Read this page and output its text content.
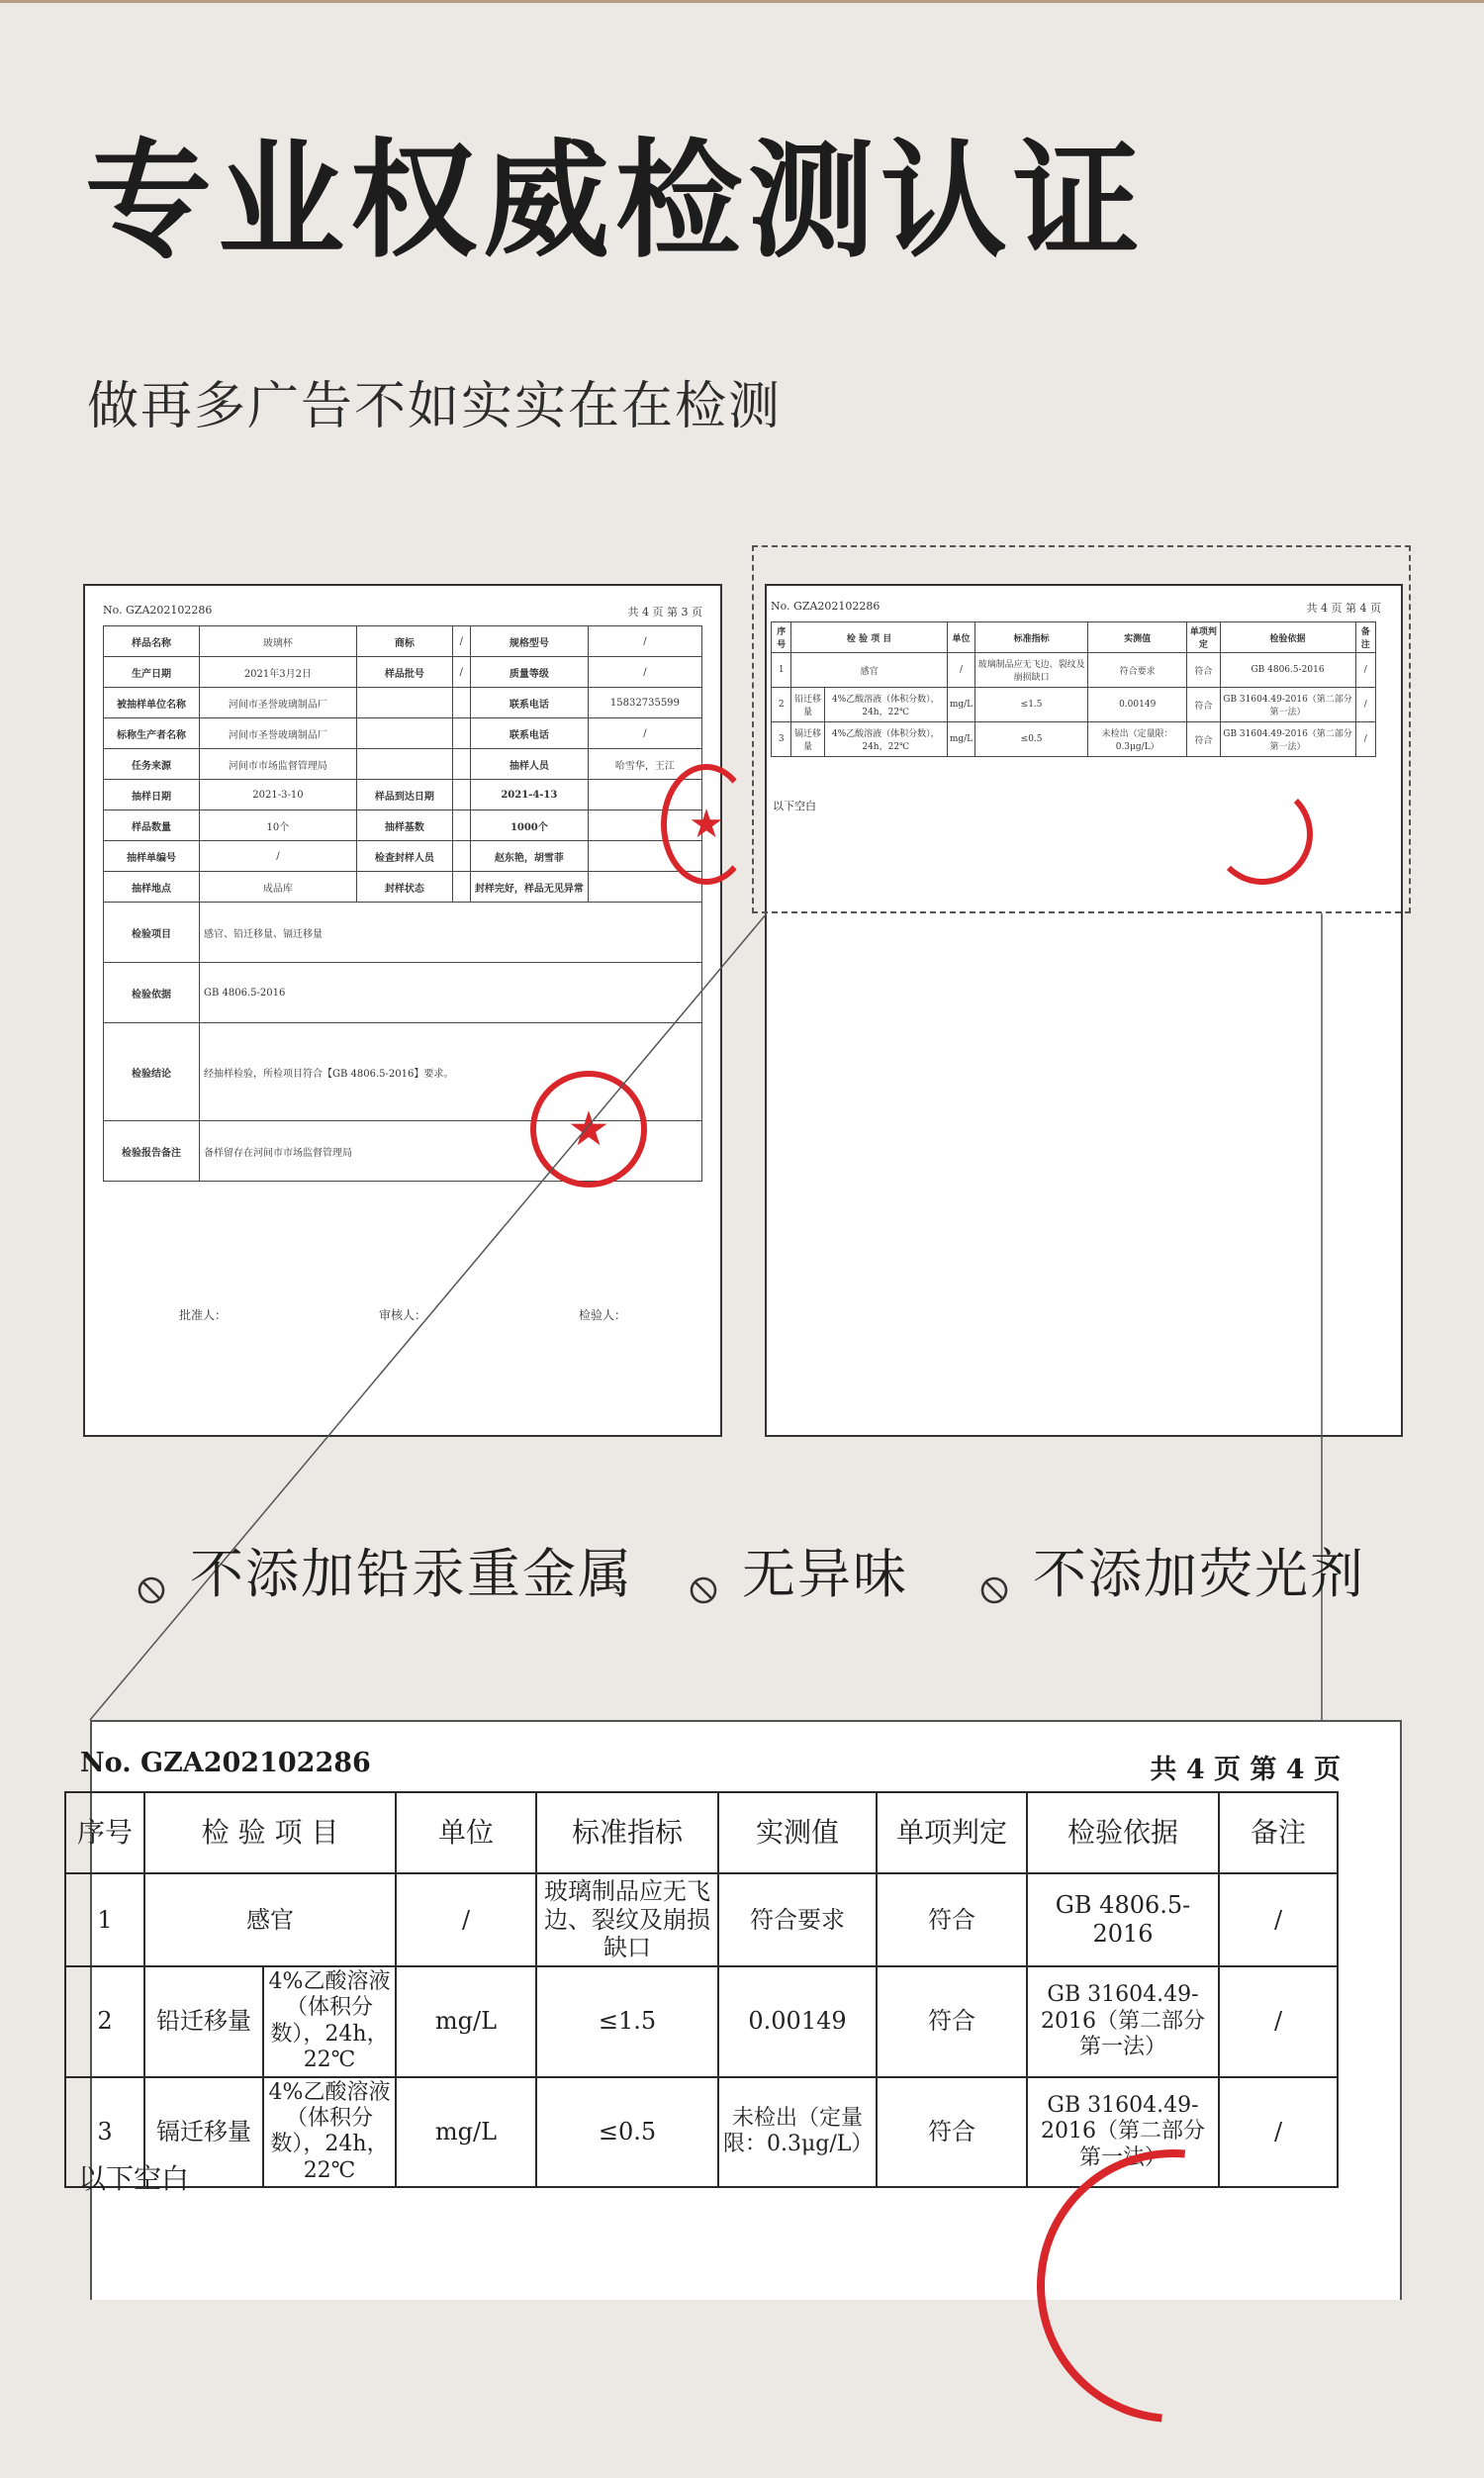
专业权威检测认证
做再多广告不如实实在在检测
No. GZA202102286	共 4 页 第 3 页
样品名称	玻璃杯	商标	/	规格型号	/
生产日期	2021年3月2日	样品批号	/	质量等级	/
被抽样单位名称	河间市圣誉玻璃制品厂			联系电话	15832735599
标称生产者名称	河间市圣誉玻璃制品厂			联系电话	/
任务来源	河间市市场监督管理局			抽样人员	哈雪华，王江
抽样日期	2021-3-10	样品到达日期		2021-4-13	
样品数量	10个	抽样基数		1000个	
抽样单编号	/	检查封样人员		赵东艳，胡雪菲	
抽样地点	成品库	封样状态		封样完好，样品无见异常	
检验项目	感官、铅迁移量、镉迁移量				
检验依据	GB 4806.5-2016				
检验结论	经抽样检验，所检项目符合【GB 4806.5-2016】要求。				
检验报告备注	备样留存在河间市市场监督管理局				
批准人：	审核人：	检验人：
★
★
No. GZA202102286	共 4 页 第 4 页
序号	检 验 项 目		单位	标准指标	实测值	单项判定	检验依据	备注
1	感官		/	玻璃制品应无飞边、裂纹及崩损缺口	符合要求	符合	GB 4806.5-2016	/
2	铅迁移量	4%乙酸溶液（体积分数），24h，22℃	mg/L	≤1.5	0.00149	符合	GB 31604.49-2016（第二部分第一法）	/
3	镉迁移量	4%乙酸溶液（体积分数），24h，22℃	mg/L	≤0.5	未检出（定量限：0.3μg/L）	符合	GB 31604.49-2016（第二部分第一法）	/
以下空白
不添加铅汞重金属 无异味 不添加荧光剂
No. GZA202102286	共 4 页 第 4 页
序号	检 验 项 目		单位	标准指标	实测值	单项判定	检验依据	备注
1	感官		/	玻璃制品应无飞边、裂纹及崩损缺口	符合要求	符合	GB 4806.5-2016	/
2	铅迁移量	4%乙酸溶液（体积分数），24h，22℃	mg/L	≤1.5	0.00149	符合	GB 31604.49-2016（第二部分第一法）	/
3	镉迁移量	4%乙酸溶液（体积分数），24h，22℃	mg/L	≤0.5	未检出（定量限：0.3μg/L）	符合	GB 31604.49-2016（第二部分第一法）	/
以下空白
